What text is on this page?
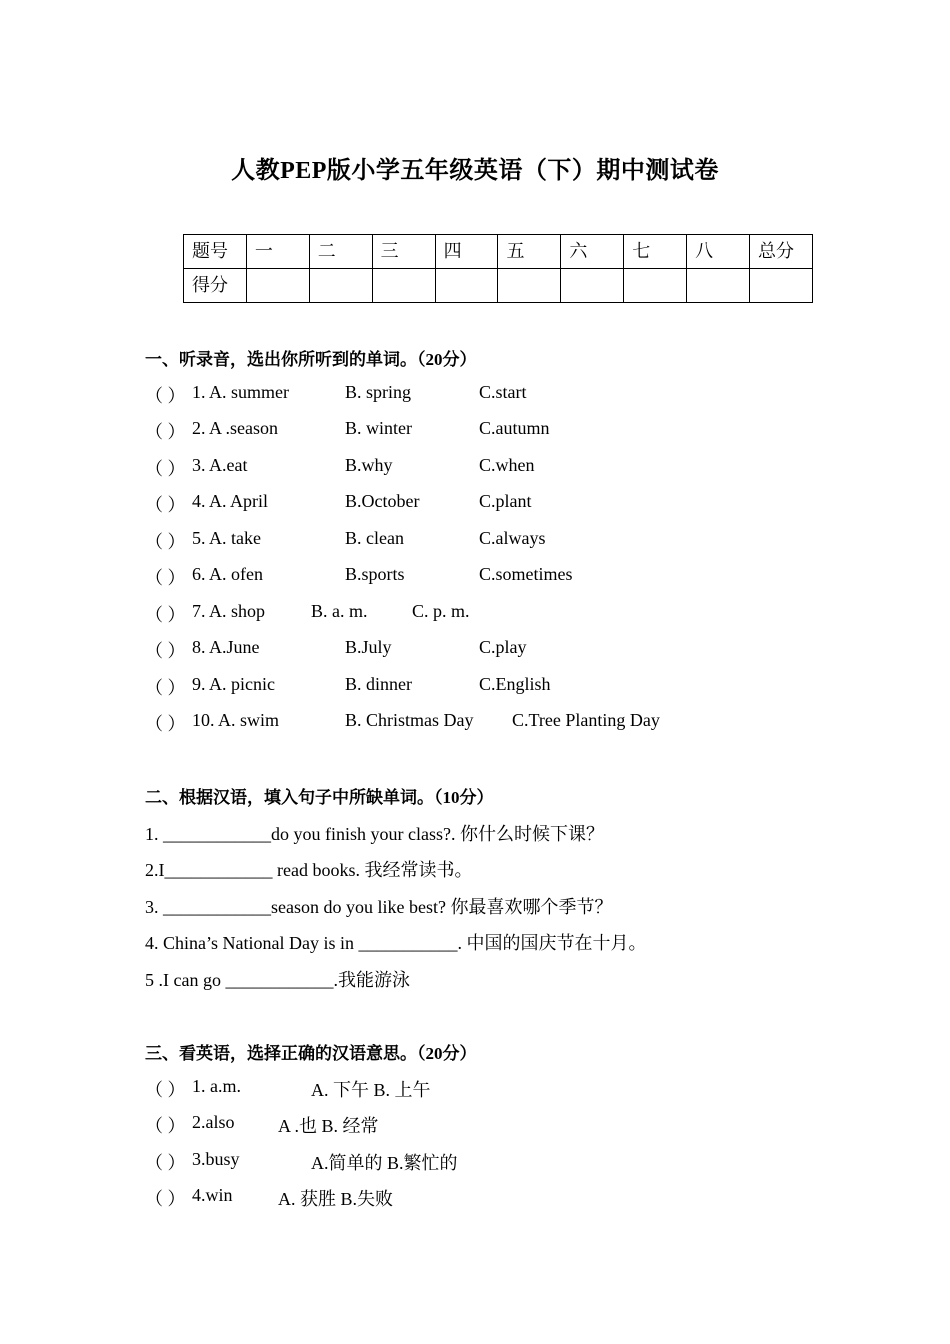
人教PEP版小学五年级英语（下）期中测试卷
题号	一	二	三	四	五	六	七	八	总分
得分									
一、听录音，选出你所听到的单词。（20分）
（ ） 1. A. summer	B. spring	C.start
（ ） 2. A .season	B. winter	C.autumn
（ ） 3. A.eat	B.why	C.when
（ ） 4. A. April	B.October	C.plant
（ ） 5. A. take	B. clean	C.always
（ ） 6. A. ofen	B.sports	C.sometimes
（ ） 7. A. shop	B. a. m. C. p. m.
（ ） 8. A.June	B.July	C.play
（ ） 9. A. picnic	B. dinner	C.English
（ ） 10. A. swim	B. Christmas Day C.Tree Planting Day
二、根据汉语，填入句子中所缺单词。（10分）
1. ____________do you finish your class?. 你什么时候下课？
2.I____________ read books. 我经常读书。
3. ____________season do you like best? 你最喜欢哪个季节？
4. China’s National Day is in ___________. 中国的国庆节在十月。
5 .I can go ____________.我能游泳
三、看英语，选择正确的汉语意思。（20分）
（ ） 1. a.m.	A. 下午 B. 上午
（ ） 2.also A .也 B. 经常
（ ） 3.busy	A.简单的 B.繁忙的
（ ） 4.win	A. 获胜 B.失败
